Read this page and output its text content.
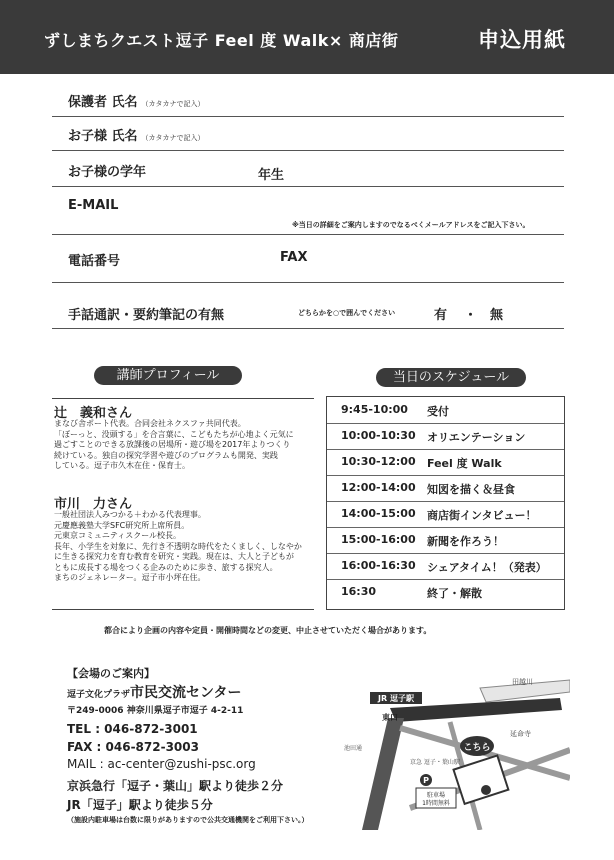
ずしまちクエスト逗子 Feel 度 Walk× 商店街	申込用紙
保護者 氏名 （カタカナで記入）
お子様 氏名 （カタカナで記入）
お子様の学年	年生
E-MAIL
※当日の詳細をご案内しますのでなるべくメールアドレスをご記入下さい。
電話番号	FAX
手話通訳・要約筆記の有無	どちらかを○で囲んでください	有 ・ 無
講師プロフィール	当日のスケジュール
辻　義和さん
まなび舎ポート代表。合同会社ネクスファ共同代表。
「ぼーっと、没頭する」を合言葉に、こどもたちが心地よく元気に
過ごすことのできる放課後の居場所・遊び場を2017年よりつくり
続けている。独自の探究学習や遊びのプログラムも開発、実践
している。逗子市久木在住・保育士。
市川　力さん
一般社団法人みつかる＋わかる代表理事。
元慶應義塾大学SFC研究所上席所員。
元東京コミュニティスクール校長。
長年、小学生を対象に、先行き不透明な時代をたくましく、しなやか
に生きる探究力を育む教育を研究・実践。現在は、大人と子どもが
ともに成長する場をつくる企みのために歩き、旅する探究人。
まちのジェネレーター。逗子市小坪在住。
9:45-10:00 受付
10:00-10:30 オリエンテーション
10:30-12:00 Feel 度 Walk
12:00-14:00 知図を描く＆昼食
14:00-15:00 商店街インタビュー！
15:00-16:00 新聞を作ろう！
16:00-16:30 シェアタイム！（発表）
16:30	終了・解散
都合により企画の内容や定員・開催時間などの変更、中止させていただく場合があります。
【会場のご案内】
逗子文化プラザ市民交流センター
〒249-0006 神奈川県逗子市逗子 4-2-11
TEL : 046-872-3001
FAX : 046-872-3003
MAIL : ac-center@zushi-psc.org
京浜急行「逗子・葉山」駅より徒歩２分
JR「逗子」駅より徒歩５分
（施設内駐車場は台数に限りがありますので公共交通機関をご利用下さい。）
こちら
JR 逗子駅
東口
田越川
延命寺
京急 逗子・葉山駅
池田通
P
駐車場
1時間無料
